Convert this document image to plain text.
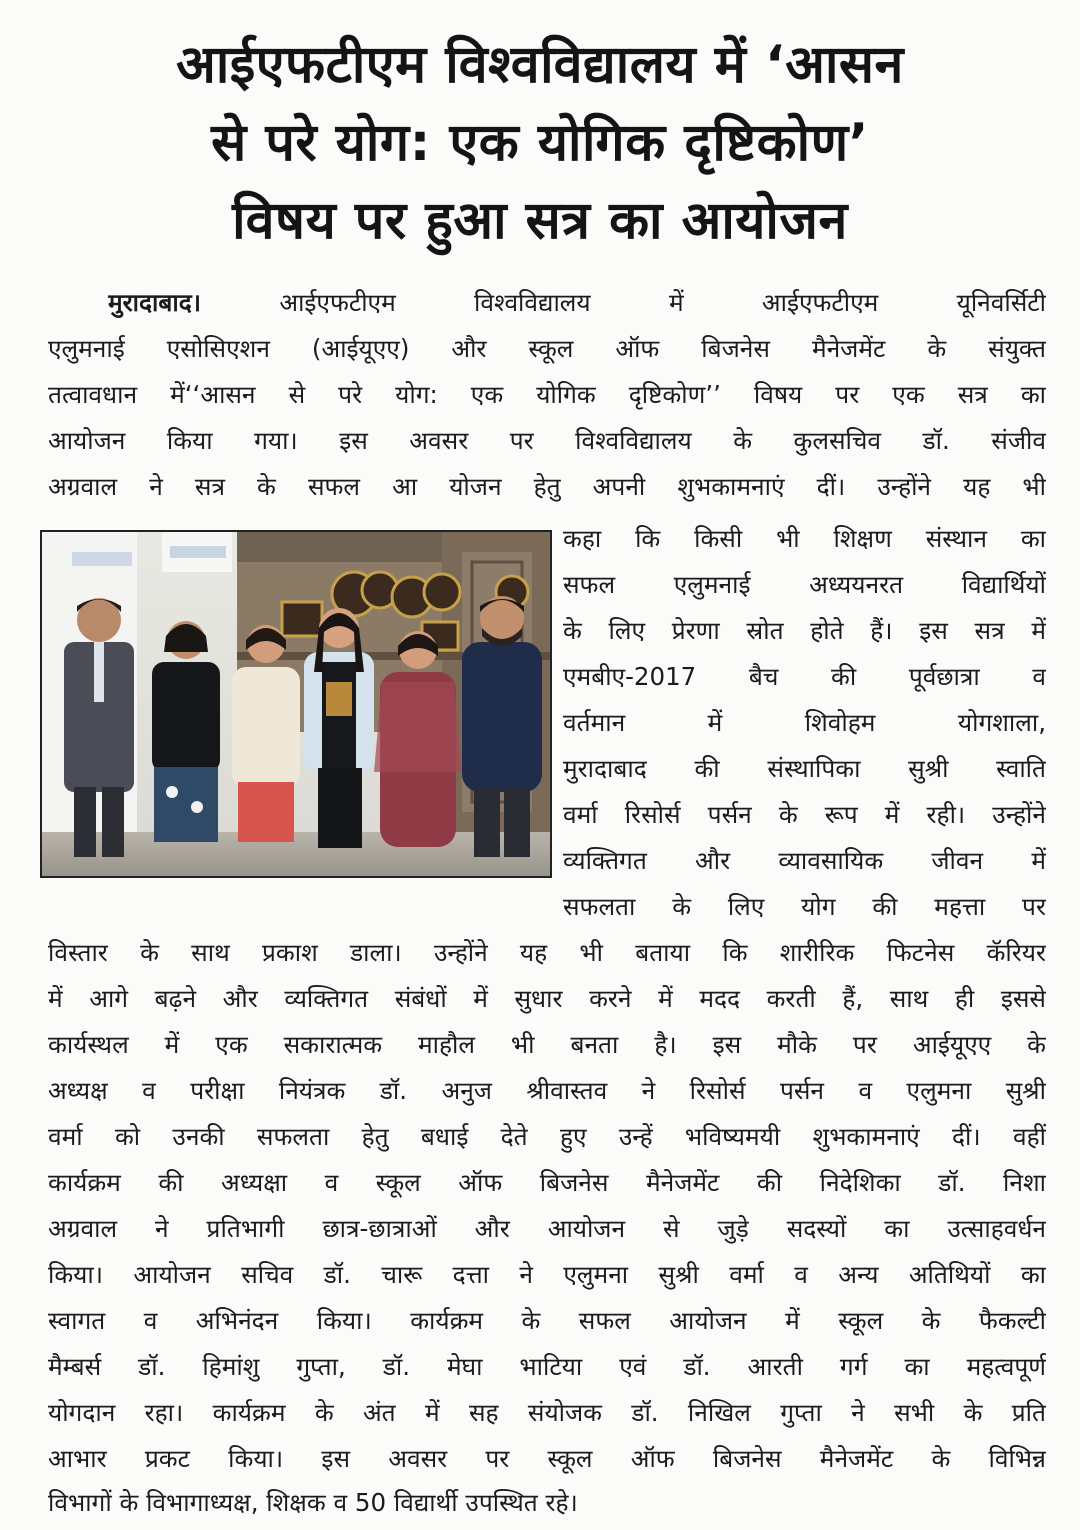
आईएफटीएम विश्वविद्यालय में ‘आसन
से परे योग: एक योगिक दृष्टिकोण’
विषय पर हुआ सत्र का आयोजन
मुरादाबाद।	आईएफटीएम विश्वविद्यालय में आईएफटीएम यूनिवर्सिटी
एलुमनाई एसोसिएशन (आईयूएए) और स्कूल ऑफ बिजनेस मैनेजमेंट के संयुक्त
तत्वावधान में‘‘आसन से परे योग: एक योगिक दृष्टिकोण’’ विषय पर एक सत्र का
आयोजन किया गया। इस अवसर पर विश्वविद्यालय के कुलसचिव डॉ. संजीव
अग्रवाल ने सत्र के सफल आ योजन हेतु अपनी शुभकामनाएं दीं। उन्होंने यह भी
कहा कि किसी भी शिक्षण संस्थान का
सफल एलुमनाई अध्ययनरत विद्यार्थियों
के लिए प्रेरणा स्रोत होते हैं। इस सत्र में
एमबीए-2017 बैच की पूर्वछात्रा व
वर्तमान में शिवोहम योगशाला,
मुरादाबाद की संस्थापिका सुश्री स्वाति
वर्मा रिसोर्स पर्सन के रूप में रही। उन्होंने
व्यक्तिगत और व्यावसायिक जीवन में
सफलता के लिए योग की महत्ता पर
विस्तार के साथ प्रकाश डाला। उन्होंने यह भी बताया कि शारीरिक फिटनेस कॅरियर
में आगे बढ़ने और व्यक्तिगत संबंधों में सुधार करने में मदद करती हैं, साथ ही इससे
कार्यस्थल में एक सकारात्मक माहौल भी बनता है। इस मौके पर आईयूएए के
अध्यक्ष व परीक्षा नियंत्रक डॉ. अनुज श्रीवास्तव ने रिसोर्स पर्सन व एलुमना सुश्री
वर्मा को उनकी सफलता हेतु बधाई देते हुए उन्हें भविष्यमयी शुभकामनाएं दीं। वहीं
कार्यक्रम की अध्यक्षा व स्कूल ऑफ बिजनेस मैनेजमेंट की निदेशिका डॉ. निशा
अग्रवाल ने प्रतिभागी छात्र-छात्राओं और आयोजन से जुड़े सदस्यों का उत्साहवर्धन
किया। आयोजन सचिव डॉ. चारू दत्ता ने एलुमना सुश्री वर्मा व अन्य अतिथियों का
स्वागत व अभिनंदन किया। कार्यक्रम के सफल आयोजन में स्कूल के फैकल्टी
मैम्बर्स डॉ. हिमांशु गुप्ता, डॉ. मेघा भाटिया एवं डॉ. आरती गर्ग का महत्वपूर्ण
योगदान रहा। कार्यक्रम के अंत में सह संयोजक डॉ. निखिल गुप्ता ने सभी के प्रति
आभार प्रकट किया। इस अवसर पर स्कूल ऑफ बिजनेस मैनेजमेंट के विभिन्न
विभागों के विभागाध्यक्ष, शिक्षक व 50 विद्यार्थी उपस्थित रहे।
